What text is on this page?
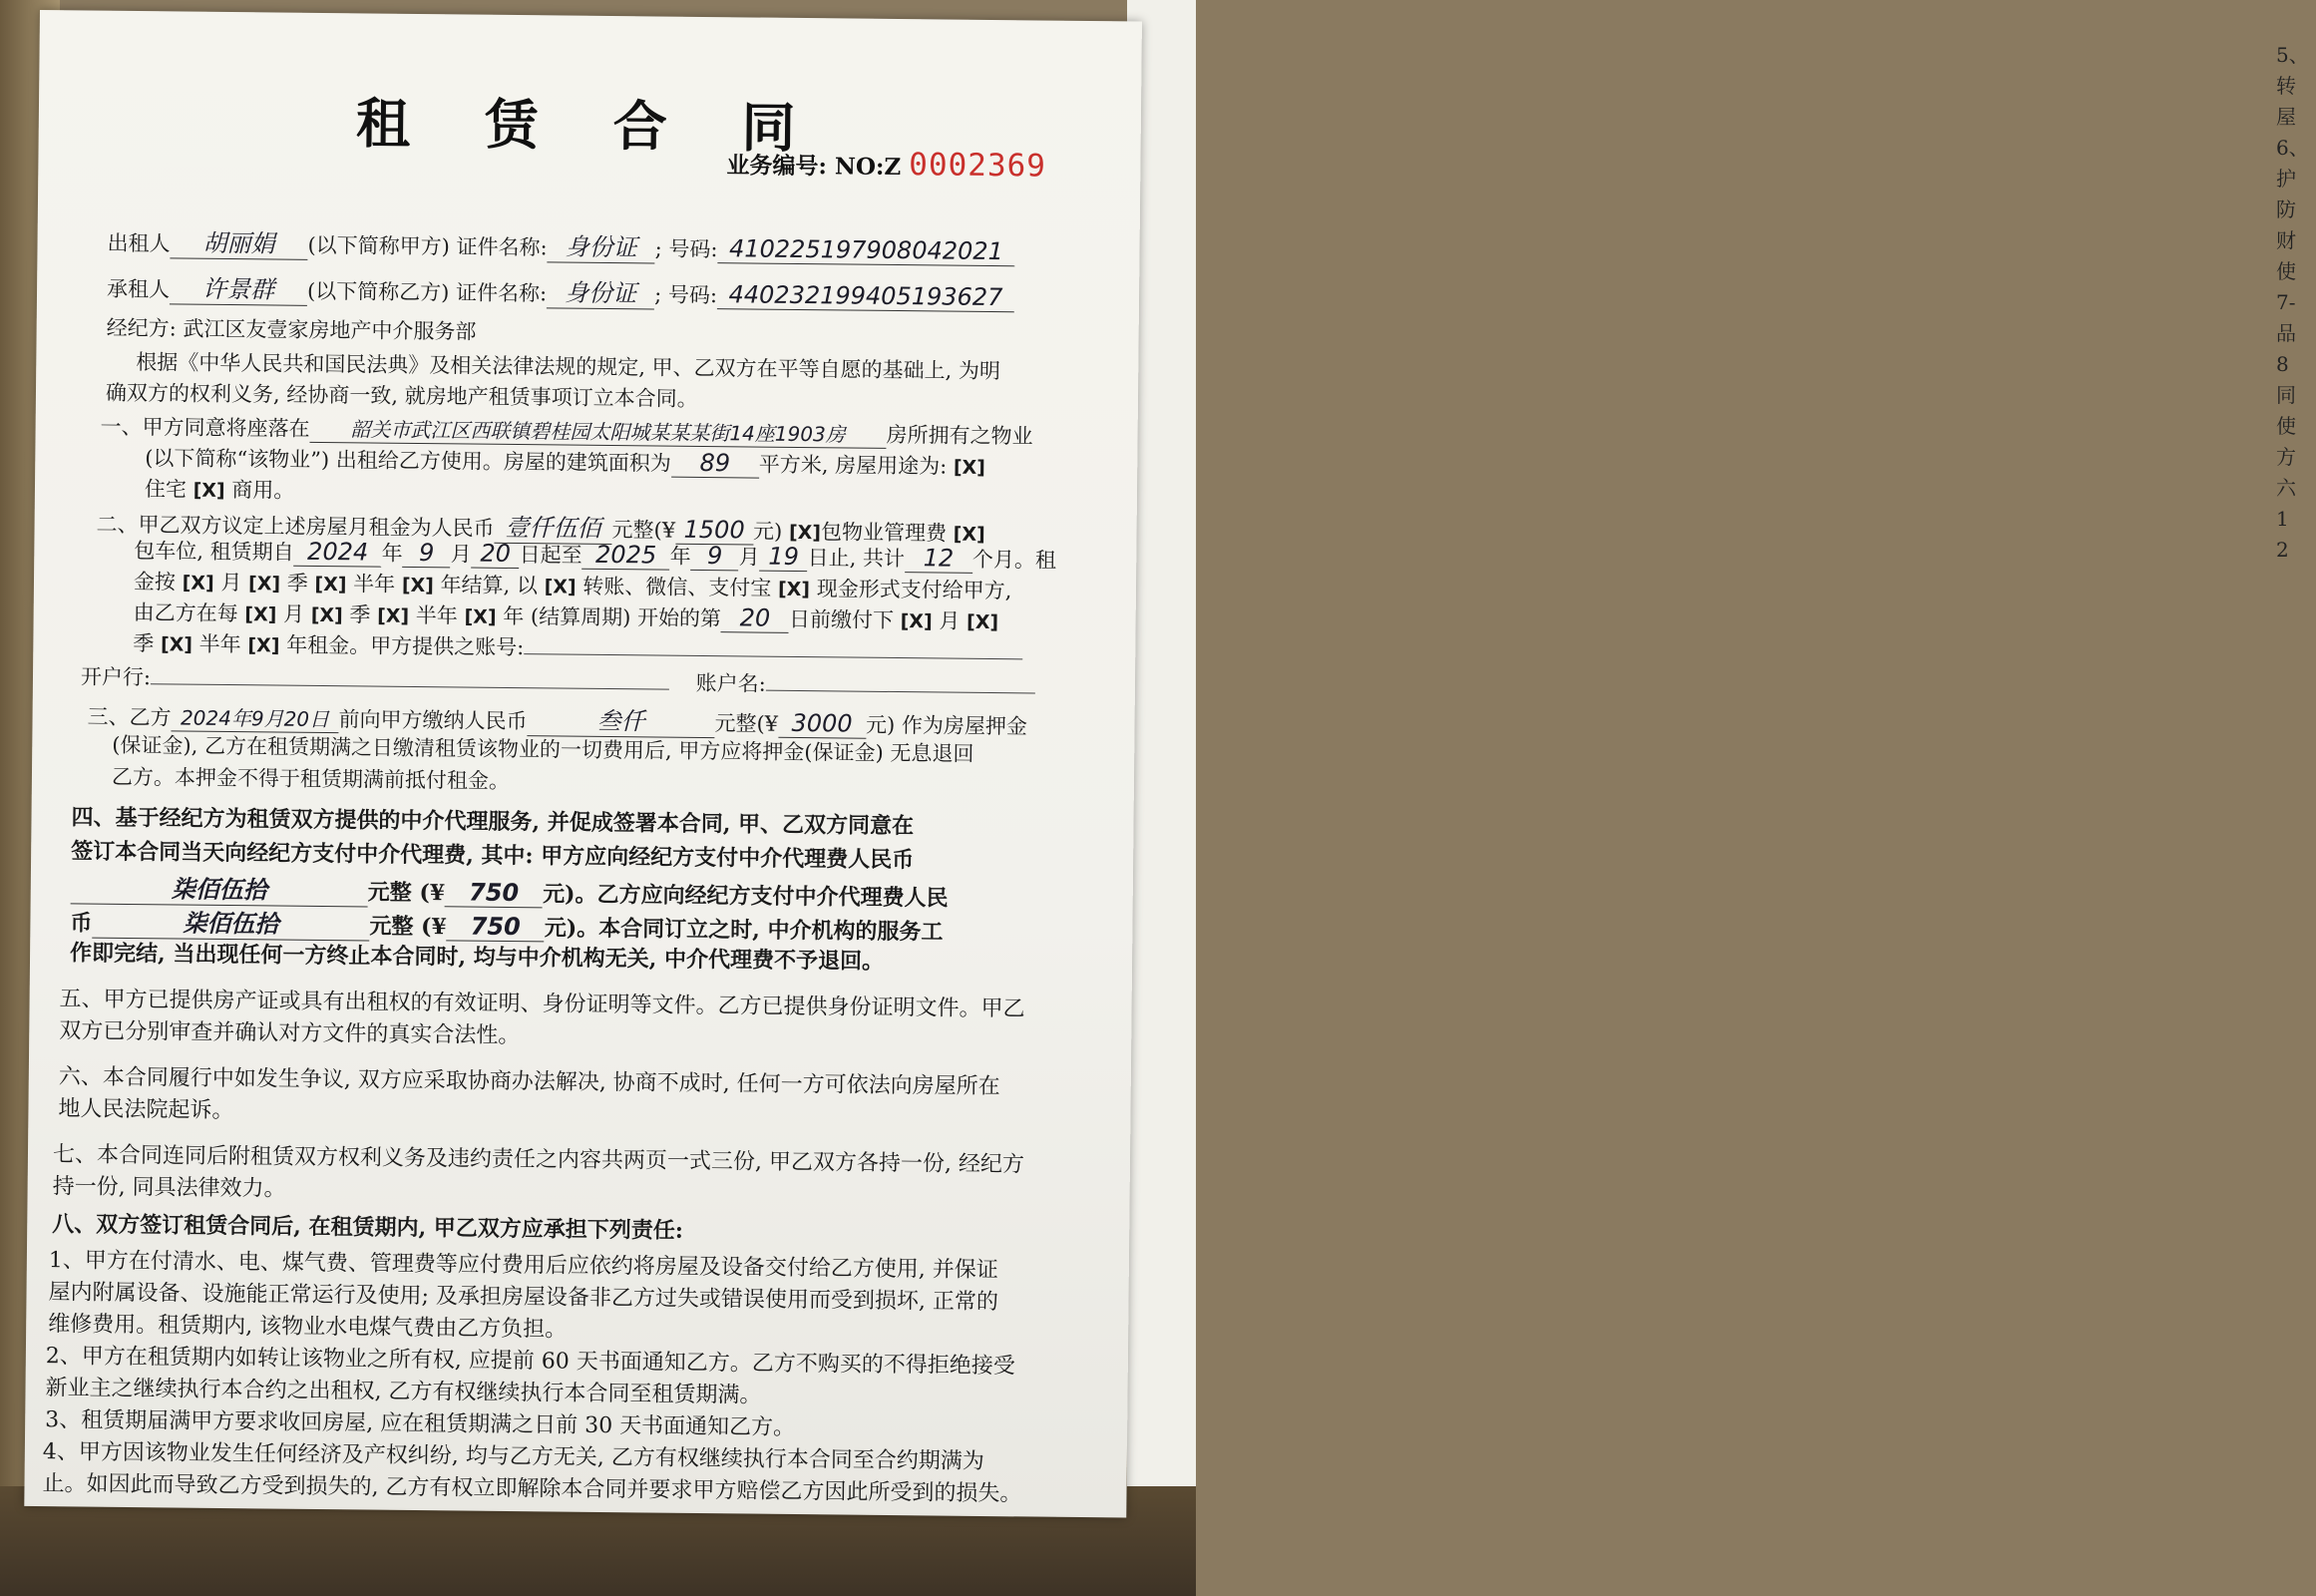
5、
转
屋
6、
护
防
财
使
7-
品
8
同
使
方
六
1
2
租 赁 合 同
业务编号: NO:Z 0002369
出租人 胡丽娟 (以下简称甲方) 证件名称: 身份证 ; 号码: 410225197908042021
承租人 许景群 (以下简称乙方) 证件名称: 身份证 ; 号码: 440232199405193627
经纪方: 武江区友壹家房地产中介服务部
根据《中华人民共和国民法典》及相关法律法规的规定, 甲、乙双方在平等自愿的基础上, 为明
确双方的权利义务, 经协商一致, 就房地产租赁事项订立本合同。
一、甲方同意将座落在 韶关市武江区西联镇碧桂园太阳城某某某街14座1903房 房所拥有之物业
(以下简称“该物业”) 出租给乙方使用。房屋的建筑面积为 89 平方米, 房屋用途为: [X]
住宅 [X] 商用。
二、甲乙双方议定上述房屋月租金为人民币 壹仟伍佰 元整(¥ 1500 元) [X]包物业管理费 [X]
包车位, 租赁期自 2024 年 9 月 20 日起至 2025 年 9 月 19 日止, 共计 12 个月。租
金按 [X] 月 [X] 季 [X] 半年 [X] 年结算, 以 [X] 转账、微信、支付宝 [X] 现金形式支付给甲方,
由乙方在每 [X] 月 [X] 季 [X] 半年 [X] 年 (结算周期) 开始的第 20 日前缴付下 [X] 月 [X]
季 [X] 半年 [X] 年租金。甲方提供之账号:
开户行:	账户名:
三、乙方 2024年9月20日 前向甲方缴纳人民币	叁仟	元整(¥ 3000 元) 作为房屋押金
(保证金), 乙方在租赁期满之日缴清租赁该物业的一切费用后, 甲方应将押金(保证金) 无息退回
乙方。本押金不得于租赁期满前抵付租金。
四、基于经纪方为租赁双方提供的中介代理服务, 并促成签署本合同, 甲、乙双方同意在
签订本合同当天向经纪方支付中介代理费, 其中: 甲方应向经纪方支付中介代理费人民币
柒佰伍拾	元整 (¥ 750 元)。乙方应向经纪方支付中介代理费人民
币	柒佰伍拾	元整 (¥ 750 元)。本合同订立之时, 中介机构的服务工
作即完结, 当出现任何一方终止本合同时, 均与中介机构无关, 中介代理费不予退回。
五、甲方已提供房产证或具有出租权的有效证明、身份证明等文件。乙方已提供身份证明文件。甲乙
双方已分别审查并确认对方文件的真实合法性。
六、本合同履行中如发生争议, 双方应采取协商办法解决, 协商不成时, 任何一方可依法向房屋所在
地人民法院起诉。
七、本合同连同后附租赁双方权利义务及违约责任之内容共两页一式三份, 甲乙双方各持一份, 经纪方
持一份, 同具法律效力。
八、双方签订租赁合同后, 在租赁期内, 甲乙双方应承担下列责任:
1、甲方在付清水、电、煤气费、管理费等应付费用后应依约将房屋及设备交付给乙方使用, 并保证
屋内附属设备、设施能正常运行及使用; 及承担房屋设备非乙方过失或错误使用而受到损坏, 正常的
维修费用。租赁期内, 该物业水电煤气费由乙方负担。
2、甲方在租赁期内如转让该物业之所有权, 应提前 60 天书面通知乙方。乙方不购买的不得拒绝接受
新业主之继续执行本合约之出租权, 乙方有权继续执行本合同至租赁期满。
3、租赁期届满甲方要求收回房屋, 应在租赁期满之日前 30 天书面通知乙方。
4、甲方因该物业发生任何经济及产权纠纷, 均与乙方无关, 乙方有权继续执行本合同至合约期满为
止。如因此而导致乙方受到损失的, 乙方有权立即解除本合同并要求甲方赔偿乙方因此所受到的损失。
